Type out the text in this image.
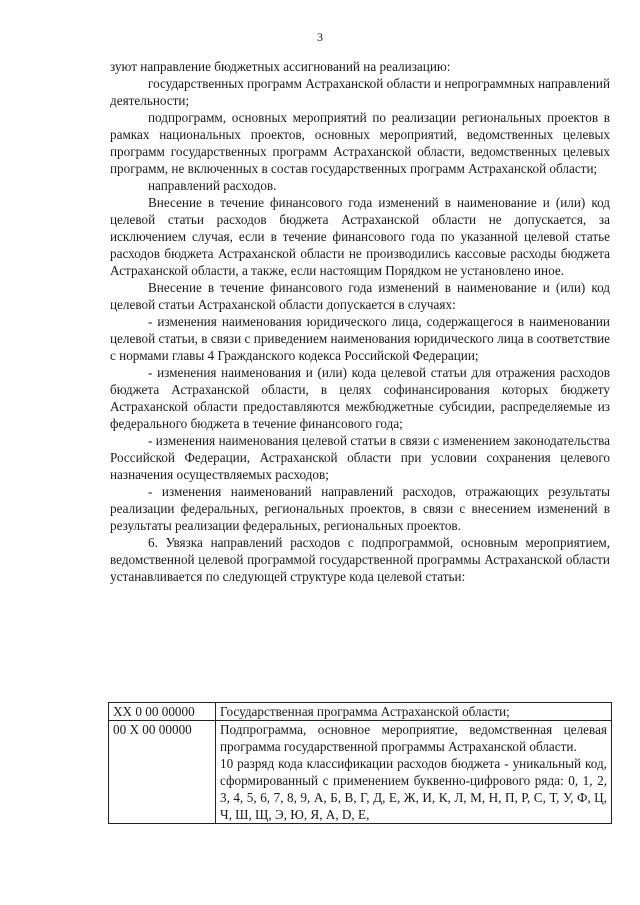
3

зуют направление бюджетных ассигнований на реализацию:

государственных программ Астраханской области и непрограммных направлений деятельности;

подпрограмм, основных мероприятий по реализации региональных проектов в рамках национальных проектов, основных мероприятий, ведомственных целевых программ государственных программ Астраханской области, ведомственных целевых программ, не включенных в состав государственных программ Астраханской области;

направлений расходов.

Внесение в течение финансового года изменений в наименование и (или) код целевой статьи расходов бюджета Астраханской области не допускается, за исключением случая, если в течение финансового года по указанной целевой статье расходов бюджета Астраханской области не производились кассовые расходы бюджета Астраханской области, а также, если настоящим Порядком не установлено иное.

Внесение в течение финансового года изменений в наименование и (или) код целевой статьи Астраханской области допускается в случаях:

- изменения наименования юридического лица, содержащегося в наименовании целевой статьи, в связи с приведением наименования юридического лица в соответствие с нормами главы 4 Гражданского кодекса Российской Федерации;

- изменения наименования и (или) кода целевой статьи для отражения расходов бюджета Астраханской области, в целях софинансирования которых бюджету Астраханской области предоставляются межбюджетные субсидии, распределяемые из федерального бюджета в течение финансового года;

- изменения наименования целевой статьи в связи с изменением законодательства Российской Федерации, Астраханской области при условии сохранения целевого назначения осуществляемых расходов;

- изменения наименований направлений расходов, отражающих результаты реализации федеральных, региональных проектов, в связи с внесением изменений в результаты реализации федеральных, региональных проектов.

6. Увязка направлений расходов с подпрограммой, основным мероприятием, ведомственной целевой программой государственной программы Астраханской области устанавливается по следующей структуре кода целевой статьи:

XX 0 00 00000	Государственная программа Астраханской области;

00 X 00 00000	Подпрограмма, основное мероприятие, ведомственная целевая программа государственной программы Астраханской области.

10 разряд кода классификации расходов бюджета - уникальный код, сформированный с применением буквенно-цифрового ряда: 0, 1, 2, 3, 4, 5, 6, 7, 8, 9, А, Б, В, Г, Д, Е, Ж, И, К, Л, М, Н, П, Р, С, Т, У, Ф, Ц, Ч, Ш, Щ, Э, Ю, Я, A, D, E,
